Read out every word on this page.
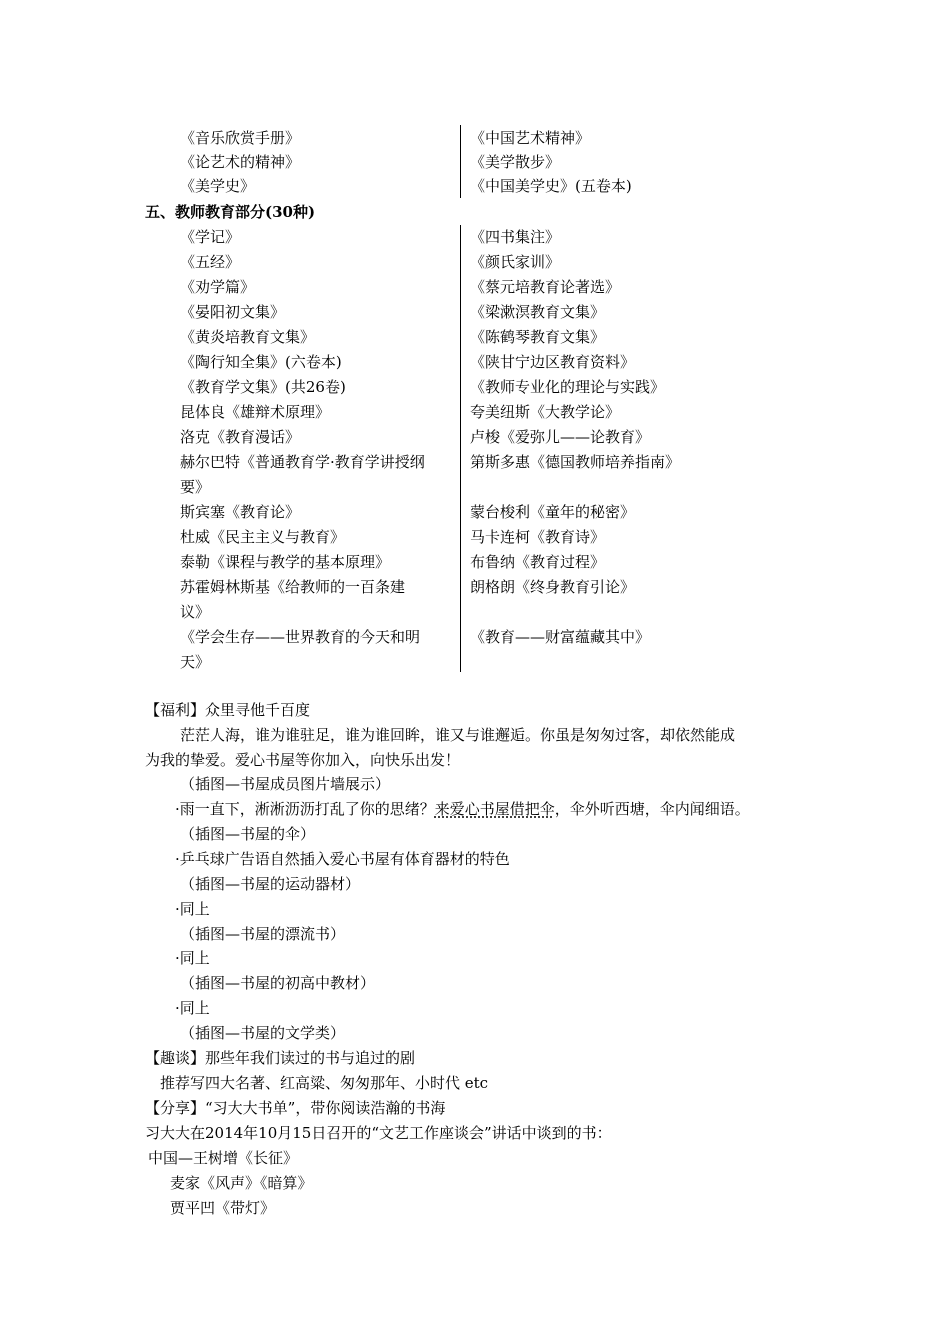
《音乐欣赏手册》
《论艺术的精神》
《美学史》
《中国艺术精神》
《美学散步》
《中国美学史》(五卷本)
五、教师教育部分(30种)
【福利】众里寻他千百度
茫茫人海，谁为谁驻足，谁为谁回眸，谁又与谁邂逅。你虽是匆匆过客，却依然能成
为我的挚爱。爱心书屋等你加入，向快乐出发！
（插图—书屋成员图片墙展示）
·雨一直下，淅淅沥沥打乱了你的思绪？来爱心书屋借把伞，伞外听西塘，伞内闻细语。
（插图—书屋的伞）
·乒乓球广告语自然插入爱心书屋有体育器材的特色
（插图—书屋的运动器材）
·同上
（插图—书屋的漂流书）
·同上
（插图—书屋的初高中教材）
·同上
（插图—书屋的文学类）
【趣谈】那些年我们读过的书与追过的剧
推荐写四大名著、红高粱、匆匆那年、小时代 etc
【分享】“习大大书单”，带你阅读浩瀚的书海
习大大在2014年10月15日召开的“文艺工作座谈会”讲话中谈到的书：
中国—王树增《长征》
麦家《风声》《暗算》
贾平凹《带灯》
《四书集注》
《学记》
《颜氏家训》
《五经》
《蔡元培教育论著选》
《劝学篇》
《梁漱溟教育文集》
《晏阳初文集》
《陈鹤琴教育文集》
《黄炎培教育文集》
《陕甘宁边区教育资料》
《陶行知全集》(六卷本)
《教师专业化的理论与实践》
《教育学文集》(共26卷)
夸美纽斯《大教学论》
昆体良《雄辩术原理》
卢梭《爱弥儿——论教育》
洛克《教育漫话》
第斯多惠《德国教师培养指南》
赫尔巴特《普通教育学·教育学讲授纲
要》
蒙台梭利《童年的秘密》
斯宾塞《教育论》
马卡连柯《教育诗》
杜威《民主主义与教育》
布鲁纳《教育过程》
泰勒《课程与教学的基本原理》
朗格朗《终身教育引论》
苏霍姆林斯基《给教师的一百条建
议》
《教育——财富蕴藏其中》
《学会生存——世界教育的今天和明
天》
